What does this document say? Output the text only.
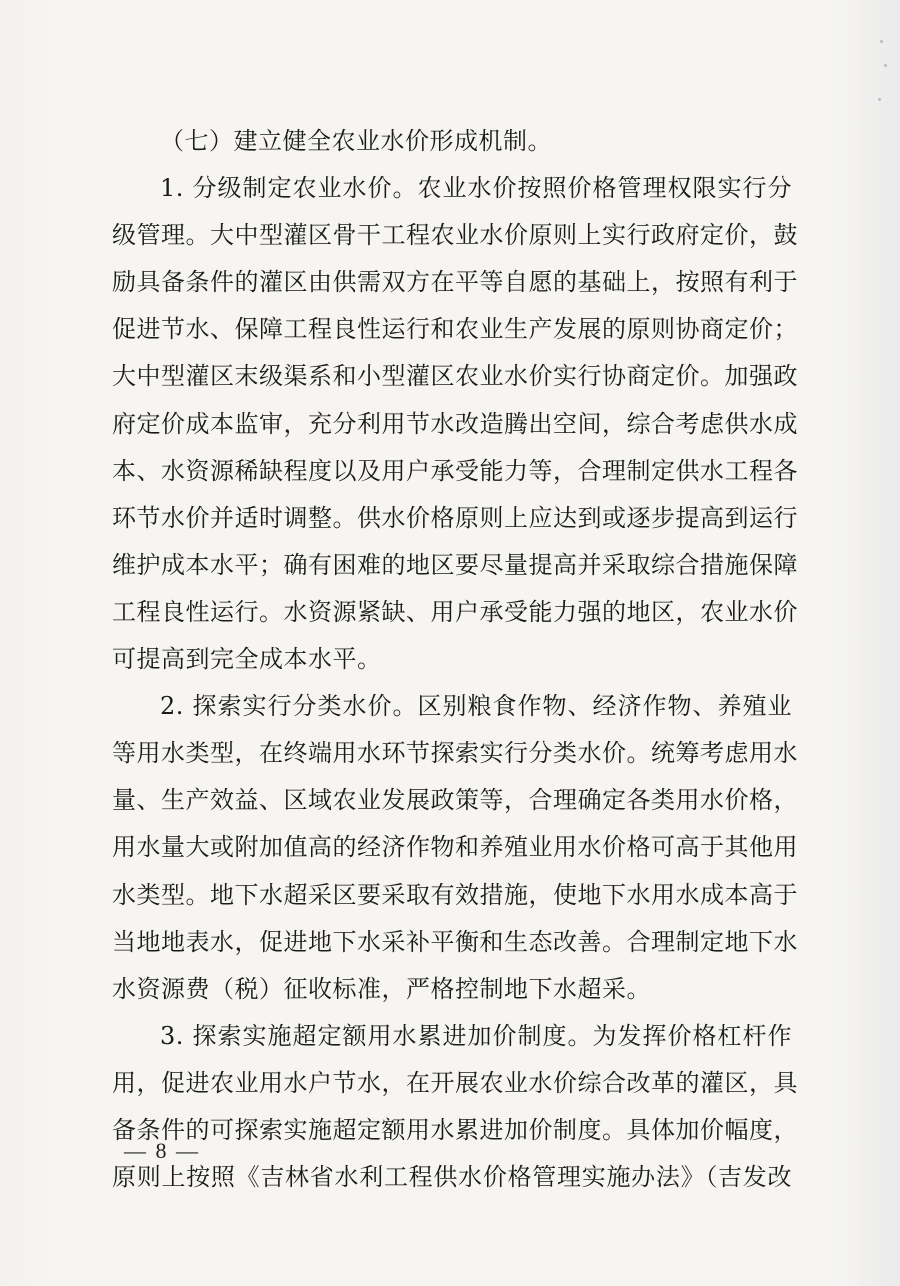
（七）建立健全农业水价形成机制。
1. 分级制定农业水价。农业水价按照价格管理权限实行分
级管理。大中型灌区骨干工程农业水价原则上实行政府定价，鼓
励具备条件的灌区由供需双方在平等自愿的基础上，按照有利于
促进节水、保障工程良性运行和农业生产发展的原则协商定价；
大中型灌区末级渠系和小型灌区农业水价实行协商定价。加强政
府定价成本监审，充分利用节水改造腾出空间，综合考虑供水成
本、水资源稀缺程度以及用户承受能力等，合理制定供水工程各
环节水价并适时调整。供水价格原则上应达到或逐步提高到运行
维护成本水平；确有困难的地区要尽量提高并采取综合措施保障
工程良性运行。水资源紧缺、用户承受能力强的地区，农业水价
可提高到完全成本水平。
2. 探索实行分类水价。区别粮食作物、经济作物、养殖业
等用水类型，在终端用水环节探索实行分类水价。统筹考虑用水
量、生产效益、区域农业发展政策等，合理确定各类用水价格，
用水量大或附加值高的经济作物和养殖业用水价格可高于其他用
水类型。地下水超采区要采取有效措施，使地下水用水成本高于
当地地表水，促进地下水采补平衡和生态改善。合理制定地下水
水资源费（税）征收标准，严格控制地下水超采。
3. 探索实施超定额用水累进加价制度。为发挥价格杠杆作
用，促进农业用水户节水，在开展农业水价综合改革的灌区，具
备条件的可探索实施超定额用水累进加价制度。具体加价幅度，
原则上按照《吉林省水利工程供水价格管理实施办法》（吉发改
— 8 —
